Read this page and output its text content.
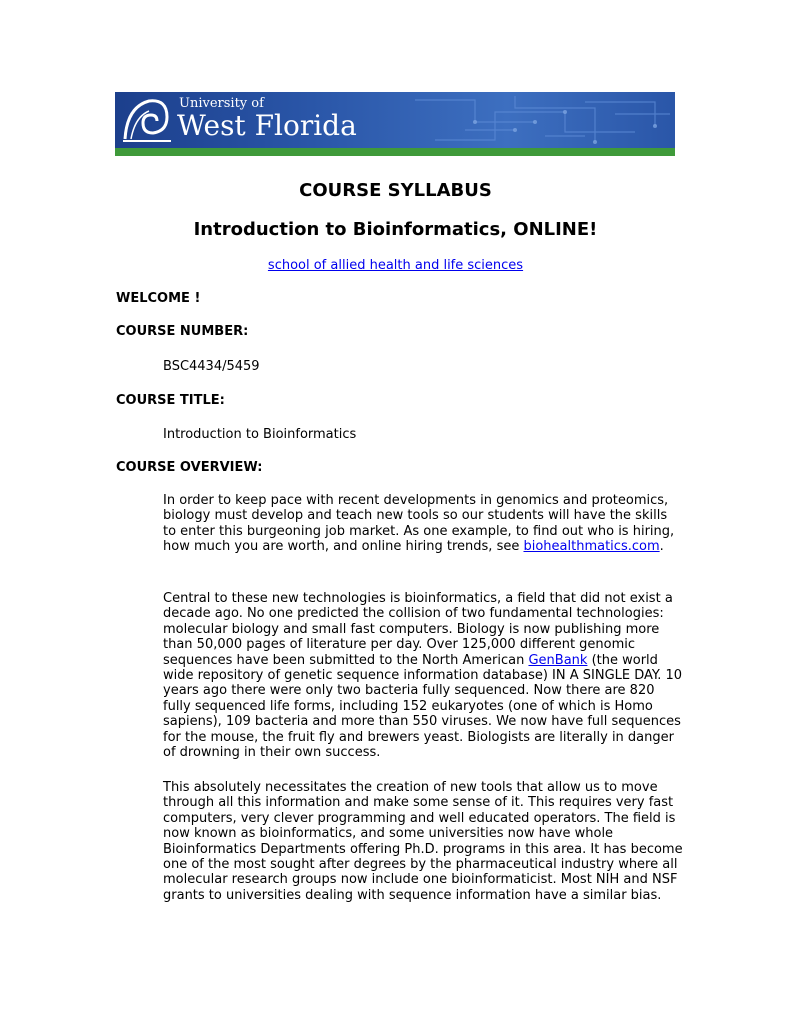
University of
West Florida
COURSE SYLLABUS
Introduction to Bioinformatics, ONLINE!
school of allied health and life sciences
WELCOME !
COURSE NUMBER:
BSC4434/5459
COURSE TITLE:
Introduction to Bioinformatics
COURSE OVERVIEW:
In order to keep pace with recent developments in genomics and proteomics, biology must develop and teach new tools so our students will have the skills to enter this burgeoning job market. As one example, to find out who is hiring, how much you are worth, and online hiring trends, see biohealthmatics.com.
Central to these new technologies is bioinformatics, a field that did not exist a decade ago. No one predicted the collision of two fundamental technologies: molecular biology and small fast computers. Biology is now publishing more than 50,000 pages of literature per day. Over 125,000 different genomic sequences have been submitted to the North American GenBank (the world wide repository of genetic sequence information database) IN A SINGLE DAY. 10 years ago there were only two bacteria fully sequenced. Now there are 820 fully sequenced life forms, including 152 eukaryotes (one of which is Homo sapiens), 109 bacteria and more than 550 viruses. We now have full sequences for the mouse, the fruit fly and brewers yeast. Biologists are literally in danger of drowning in their own success.
This absolutely necessitates the creation of new tools that allow us to move through all this information and make some sense of it. This requires very fast computers, very clever programming and well educated operators. The field is now known as bioinformatics, and some universities now have whole Bioinformatics Departments offering Ph.D. programs in this area. It has become one of the most sought after degrees by the pharmaceutical industry where all molecular research groups now include one bioinformaticist. Most NIH and NSF grants to universities dealing with sequence information have a similar bias.
